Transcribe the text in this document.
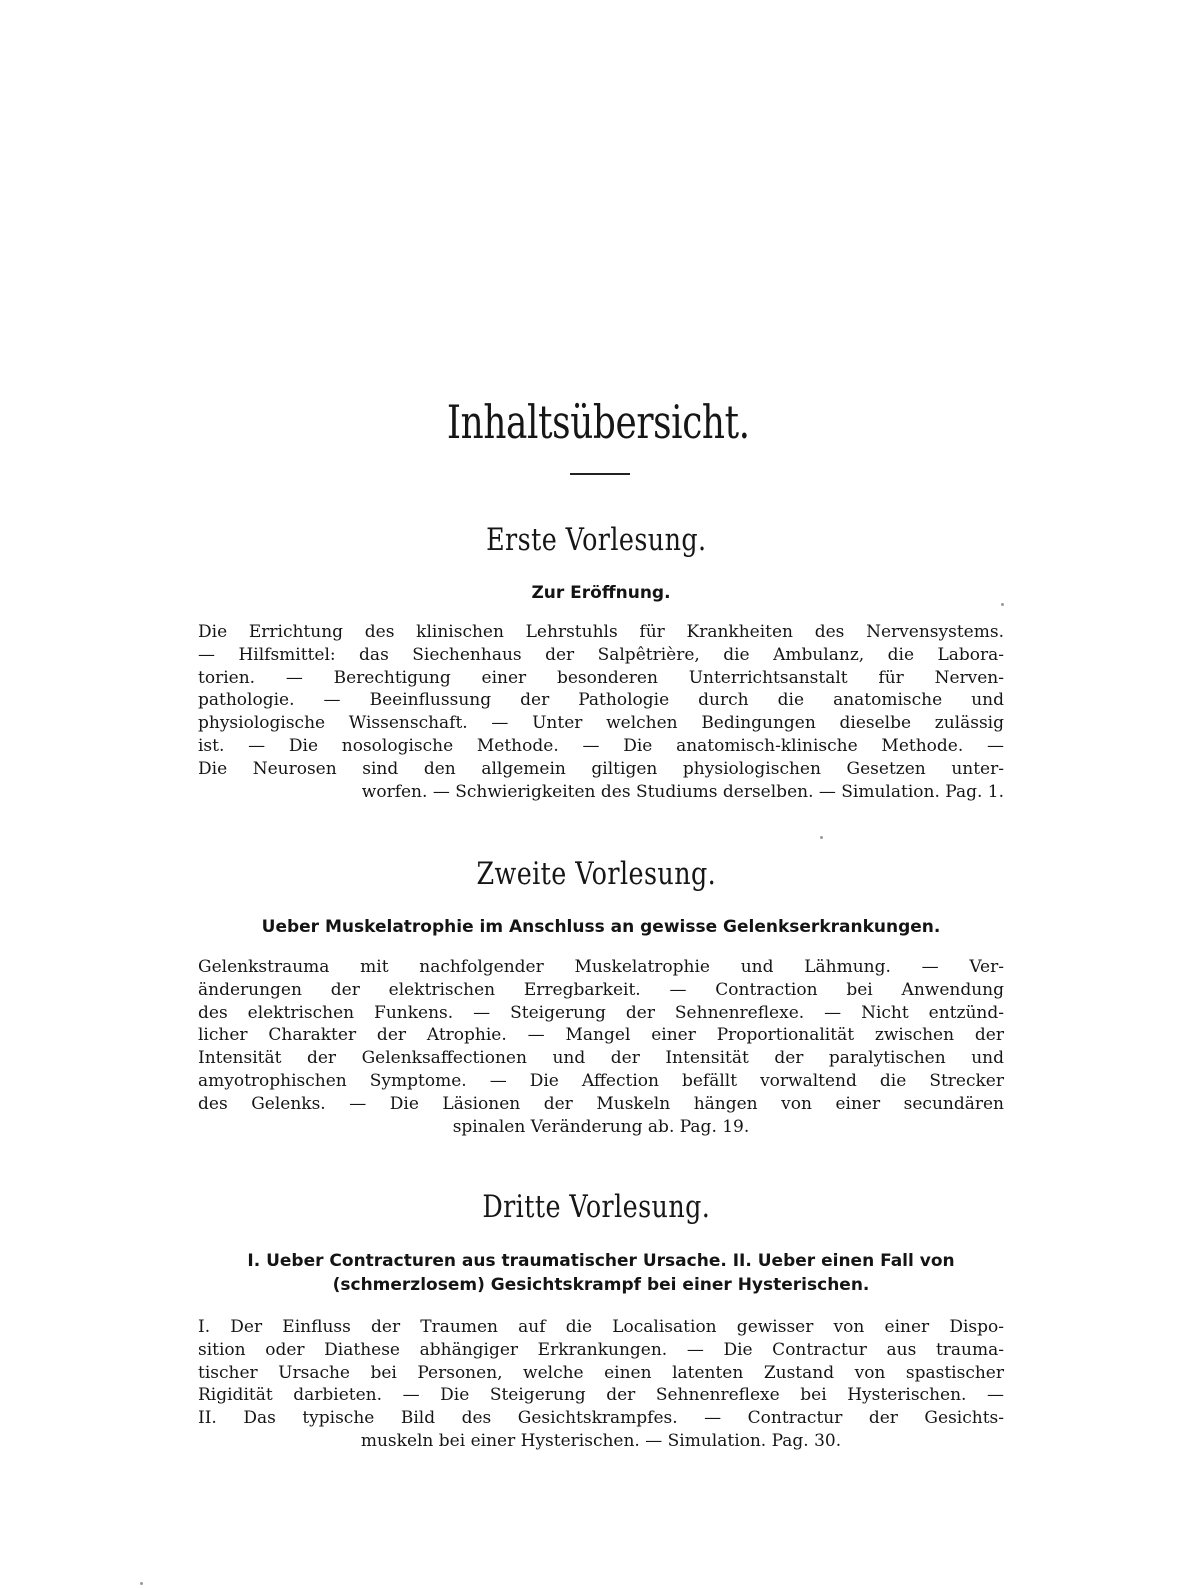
Inhaltsübersicht.
Erste Vorlesung.
Zur Eröffnung.
Die Errichtung des klinischen Lehrstuhls für Krankheiten des Nervensystems.
— Hilfsmittel: das Siechenhaus der Salpêtrière, die Ambulanz, die Labora-
torien. — Berechtigung einer besonderen Unterrichtsanstalt für Nerven-
pathologie. — Beeinflussung der Pathologie durch die anatomische und
physiologische Wissenschaft. — Unter welchen Bedingungen dieselbe zulässig
ist. — Die nosologische Methode. — Die anatomisch-klinische Methode. —
Die Neurosen sind den allgemein giltigen physiologischen Gesetzen unter-
worfen. — Schwierigkeiten des Studiums derselben. — Simulation. Pag. 1.
Zweite Vorlesung.
Ueber Muskelatrophie im Anschluss an gewisse Gelenkserkrankungen.
Gelenkstrauma mit nachfolgender Muskelatrophie und Lähmung. — Ver-
änderungen der elektrischen Erregbarkeit. — Contraction bei Anwendung
des elektrischen Funkens. — Steigerung der Sehnenreflexe. — Nicht entzünd-
licher Charakter der Atrophie. — Mangel einer Proportionalität zwischen der
Intensität der Gelenksaffectionen und der Intensität der paralytischen und
amyotrophischen Symptome. — Die Affection befällt vorwaltend die Strecker
des Gelenks. — Die Läsionen der Muskeln hängen von einer secundären
spinalen Veränderung ab. Pag. 19.
Dritte Vorlesung.
I. Ueber Contracturen aus traumatischer Ursache. II. Ueber einen Fall von
(schmerzlosem) Gesichtskrampf bei einer Hysterischen.
I. Der Einfluss der Traumen auf die Localisation gewisser von einer Dispo-
sition oder Diathese abhängiger Erkrankungen. — Die Contractur aus trauma-
tischer Ursache bei Personen, welche einen latenten Zustand von spastischer
Rigidität darbieten. — Die Steigerung der Sehnenreflexe bei Hysterischen. —
II. Das typische Bild des Gesichtskrampfes. — Contractur der Gesichts-
muskeln bei einer Hysterischen. — Simulation. Pag. 30.
